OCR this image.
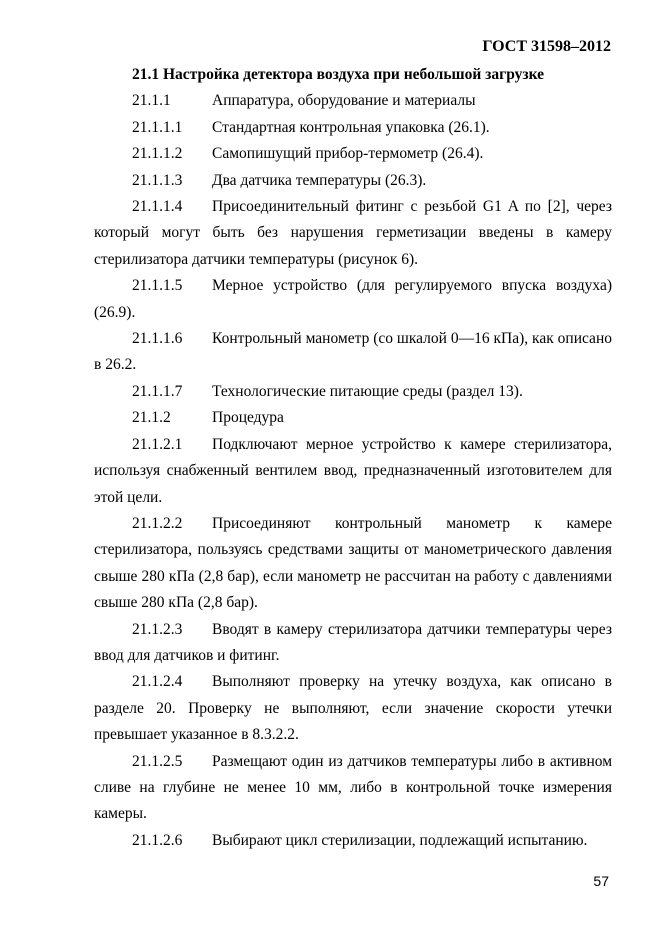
ГОСТ 31598–2012
21.1 Настройка детектора воздуха при небольшой загрузке
21.1.1	Аппаратура, оборудование и материалы
21.1.1.1 Стандартная контрольная упаковка (26.1).
21.1.1.2 Самопишущий прибор-термометр (26.4).
21.1.1.3 Два датчика температуры (26.3).
21.1.1.4 Присоединительный фитинг с резьбой G1 A по [2], через который могут быть без нарушения герметизации введены в камеру стерилизатора датчики температуры (рисунок 6).
21.1.1.5 Мерное устройство (для регулируемого впуска воздуха) (26.9).
21.1.1.6 Контрольный манометр (со шкалой 0—16 кПа), как описано в 26.2.
21.1.1.7 Технологические питающие среды (раздел 13).
21.1.2	Процедура
21.1.2.1 Подключают мерное устройство к камере стерилизатора, используя снабженный вентилем ввод, предназначенный изготовителем для этой цели.
21.1.2.2 Присоединяют контрольный манометр к камере стерилизатора, пользуясь средствами защиты от манометрического давления свыше 280 кПа (2,8 бар), если манометр не рассчитан на работу с давлениями свыше 280 кПа (2,8 бар).
21.1.2.3 Вводят в камеру стерилизатора датчики температуры через ввод для датчиков и фитинг.
21.1.2.4 Выполняют проверку на утечку воздуха, как описано в разделе 20. Проверку не выполняют, если значение скорости утечки превышает указанное в 8.3.2.2.
21.1.2.5 Размещают один из датчиков температуры либо в активном сливе на глубине не менее 10 мм, либо в контрольной точке измерения камеры.
21.1.2.6 Выбирают цикл стерилизации, подлежащий испытанию.
57
